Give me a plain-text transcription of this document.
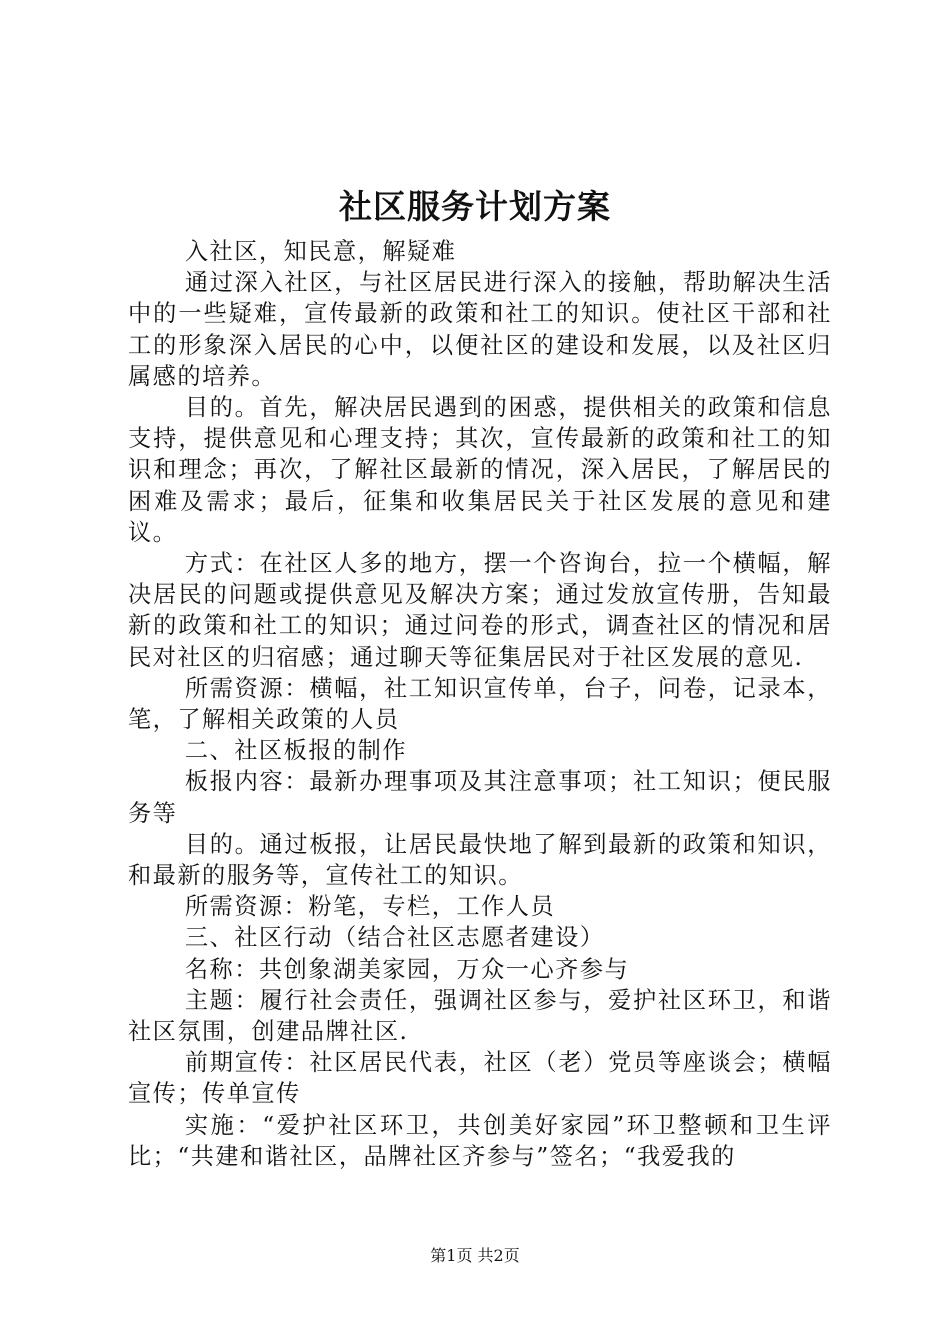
社区服务计划方案

入社区，知民意，解疑难

通过深入社区，与社区居民进行深入的接触，帮助解决生活中的一些疑难，宣传最新的政策和社工的知识。使社区干部和社工的形象深入居民的心中，以便社区的建设和发展，以及社区归属感的培养。

目的。首先，解决居民遇到的困惑，提供相关的政策和信息支持，提供意见和心理支持；其次，宣传最新的政策和社工的知识和理念；再次，了解社区最新的情况，深入居民，了解居民的困难及需求；最后，征集和收集居民关于社区发展的意见和建议。

方式：在社区人多的地方，摆一个咨询台，拉一个横幅，解决居民的问题或提供意见及解决方案；通过发放宣传册，告知最新的政策和社工的知识；通过问卷的形式，调查社区的情况和居民对社区的归宿感；通过聊天等征集居民对于社区发展的意见.

所需资源：横幅，社工知识宣传单，台子，问卷，记录本，笔，了解相关政策的人员

二、社区板报的制作

板报内容：最新办理事项及其注意事项；社工知识；便民服务等

目的。通过板报，让居民最快地了解到最新的政策和知识，和最新的服务等，宣传社工的知识。

所需资源：粉笔，专栏，工作人员

三、社区行动（结合社区志愿者建设）

名称：共创象湖美家园，万众一心齐参与

主题：履行社会责任，强调社区参与，爱护社区环卫，和谐社区氛围，创建品牌社区.

前期宣传：社区居民代表，社区（老）党员等座谈会；横幅宣传；传单宣传

实施：“爱护社区环卫，共创美好家园”环卫整顿和卫生评比；“共建和谐社区，品牌社区齐参与”签名；“我爱我的

第1页 共2页
